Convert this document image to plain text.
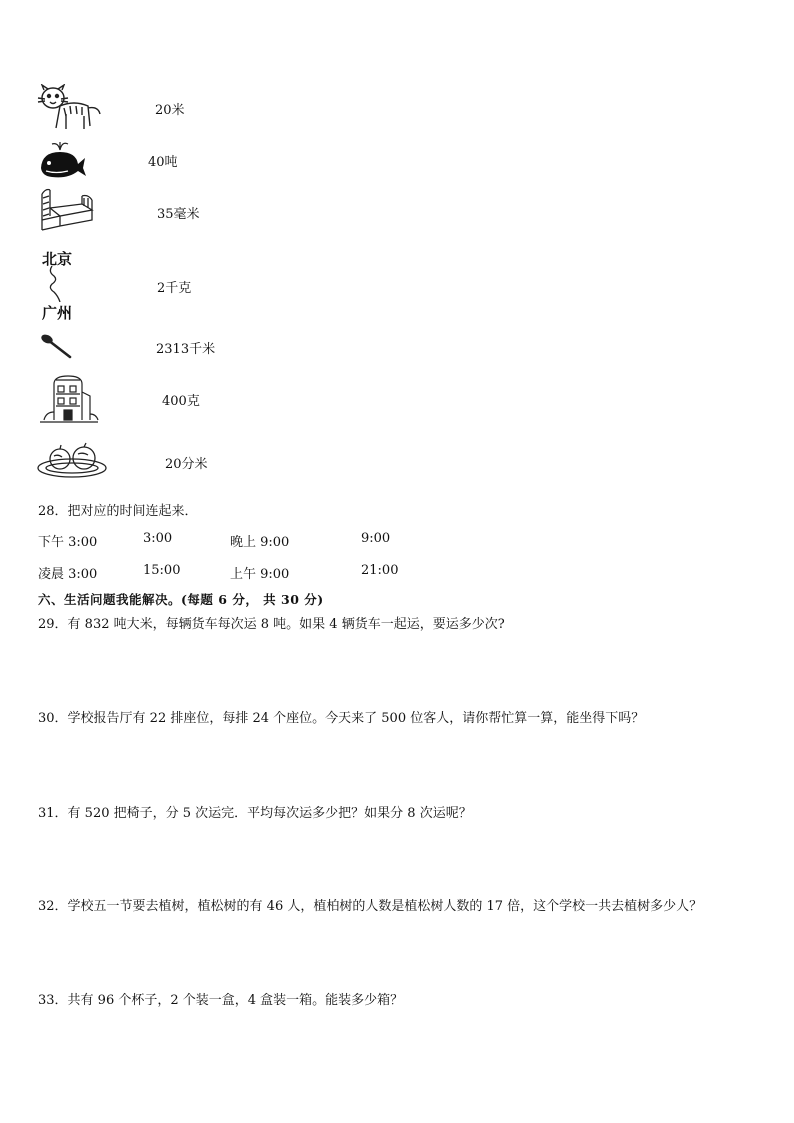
20米
40吨
35毫米
北京
广州
2千克
2313千米
400克
20分米
28．把对应的时间连起来．
下午 3:00	3:00	晚上 9:00	9:00
凌晨 3:00	15:00	上午 9:00	21:00
六、生活问题我能解决。(每题 6 分， 共 30 分)
29．有 832 吨大米，每辆货车每次运 8 吨。如果 4 辆货车一起运，要运多少次?
30．学校报告厅有 22 排座位，每排 24 个座位。今天来了 500 位客人，请你帮忙算一算，能坐得下吗？
31．有 520 把椅子，分 5 次运完．平均每次运多少把？如果分 8 次运呢？
32．学校五一节要去植树，植松树的有 46 人，植柏树的人数是植松树人数的 17 倍，这个学校一共去植树多少人？
33．共有 96 个杯子，2 个装一盒，4 盒装一箱。能装多少箱？
